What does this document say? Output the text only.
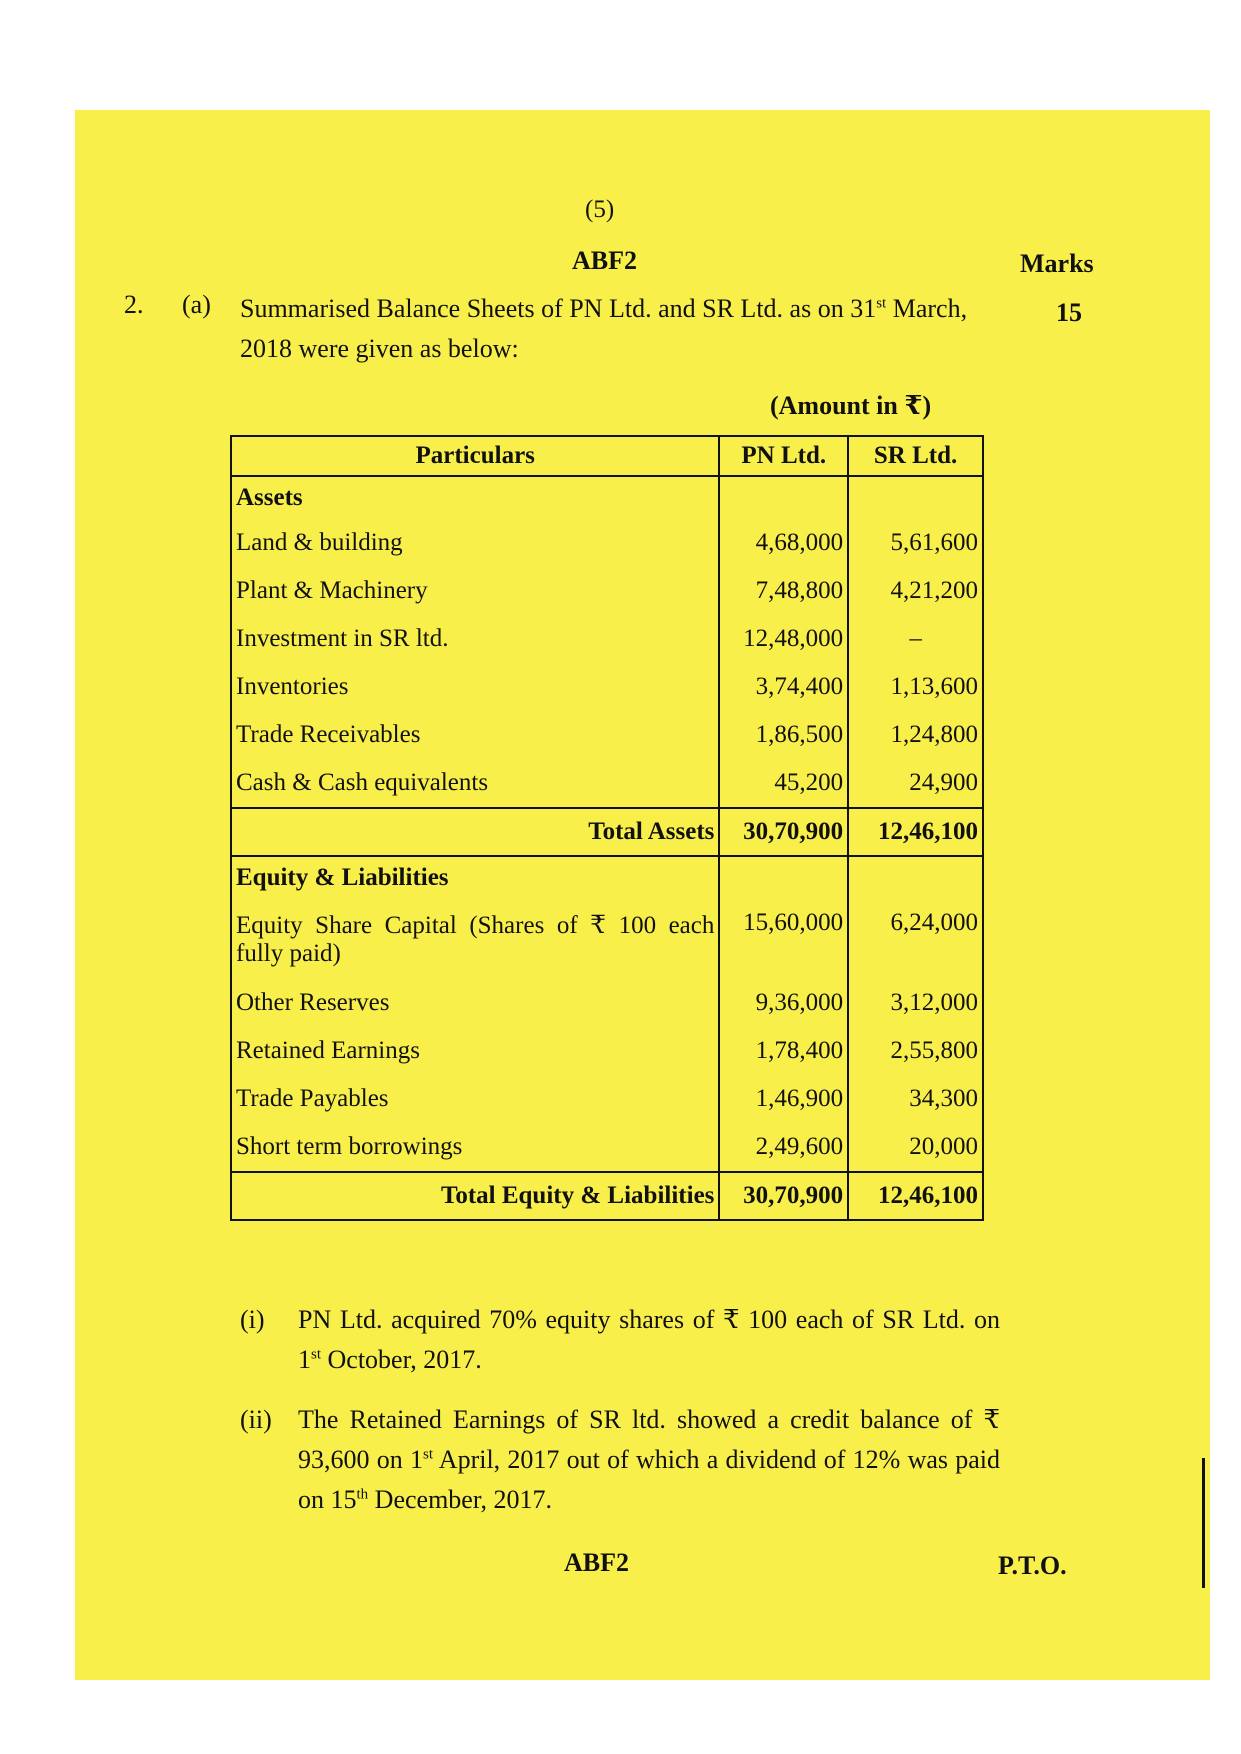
(5)
ABF2	Marks
2. (a) Summarised Balance Sheets of PN Ltd. and SR Ltd. as on 31st March, 2018 were given as below:
15
(Amount in ₹)
Particulars	PN Ltd.	SR Ltd.
Assets		
Land & building	4,68,000	5,61,600
Plant & Machinery	7,48,800	4,21,200
Investment in SR ltd.	12,48,000	–
Inventories	3,74,400	1,13,600
Trade Receivables	1,86,500	1,24,800
Cash & Cash equivalents	45,200	24,900
Total Assets	30,70,900	12,46,100
Equity & Liabilities		
Equity Share Capital (Shares of ₹ 100 each fully paid)	15,60,000	6,24,000
Other Reserves	9,36,000	3,12,000
Retained Earnings	1,78,400	2,55,800
Trade Payables	1,46,900	34,300
Short term borrowings	2,49,600	20,000
Total Equity & Liabilities	30,70,900	12,46,100
(i) PN Ltd. acquired 70% equity shares of ₹ 100 each of SR Ltd. on 1st October, 2017.
(ii) The Retained Earnings of SR ltd. showed a credit balance of ₹ 93,600 on 1st April, 2017 out of which a dividend of 12% was paid on 15th December, 2017.
ABF2	P.T.O.
